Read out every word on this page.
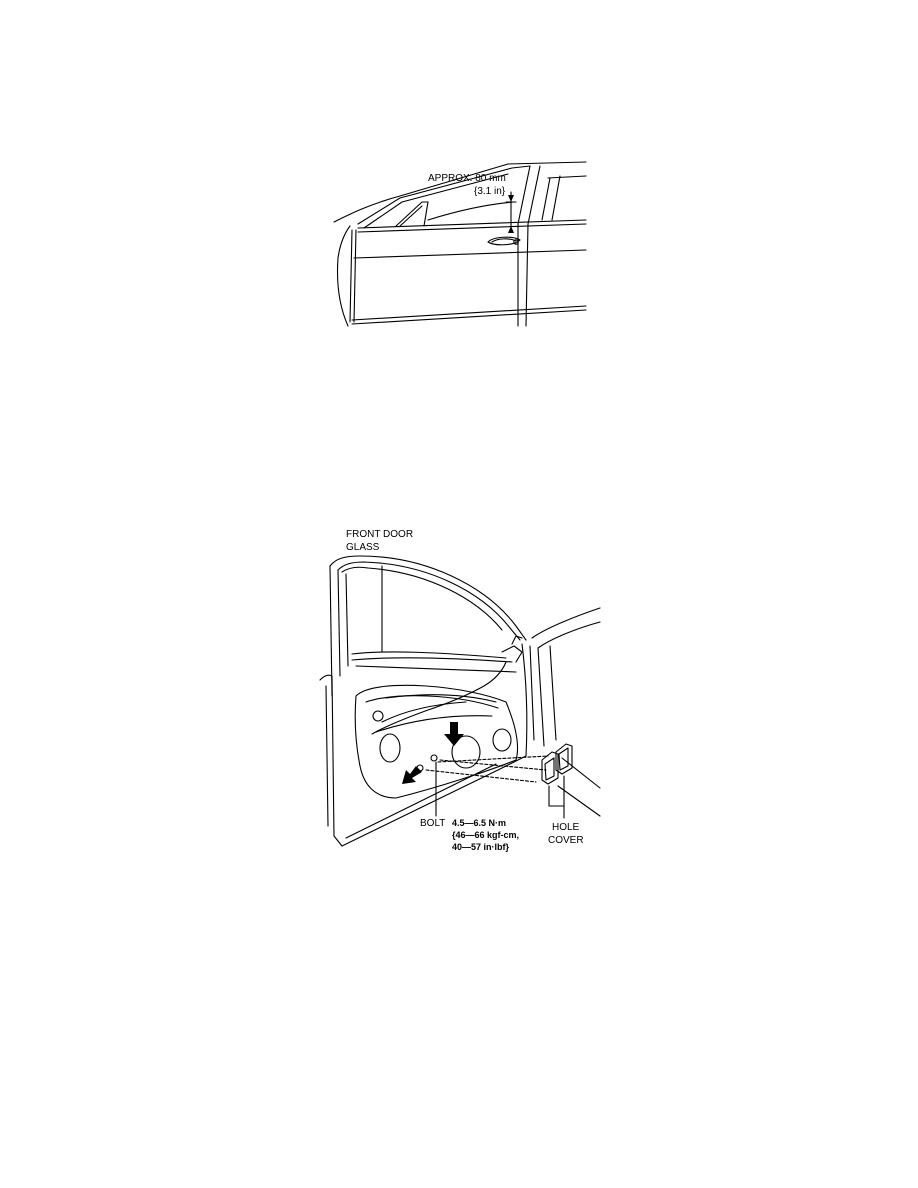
APPROX. 80 mm
{3.1 in}
FRONT DOOR
GLASS
BOLT 4.5—6.5 N·m
{46—66 kgf-cm,
40—57 in·lbf}
HOLE
COVER
